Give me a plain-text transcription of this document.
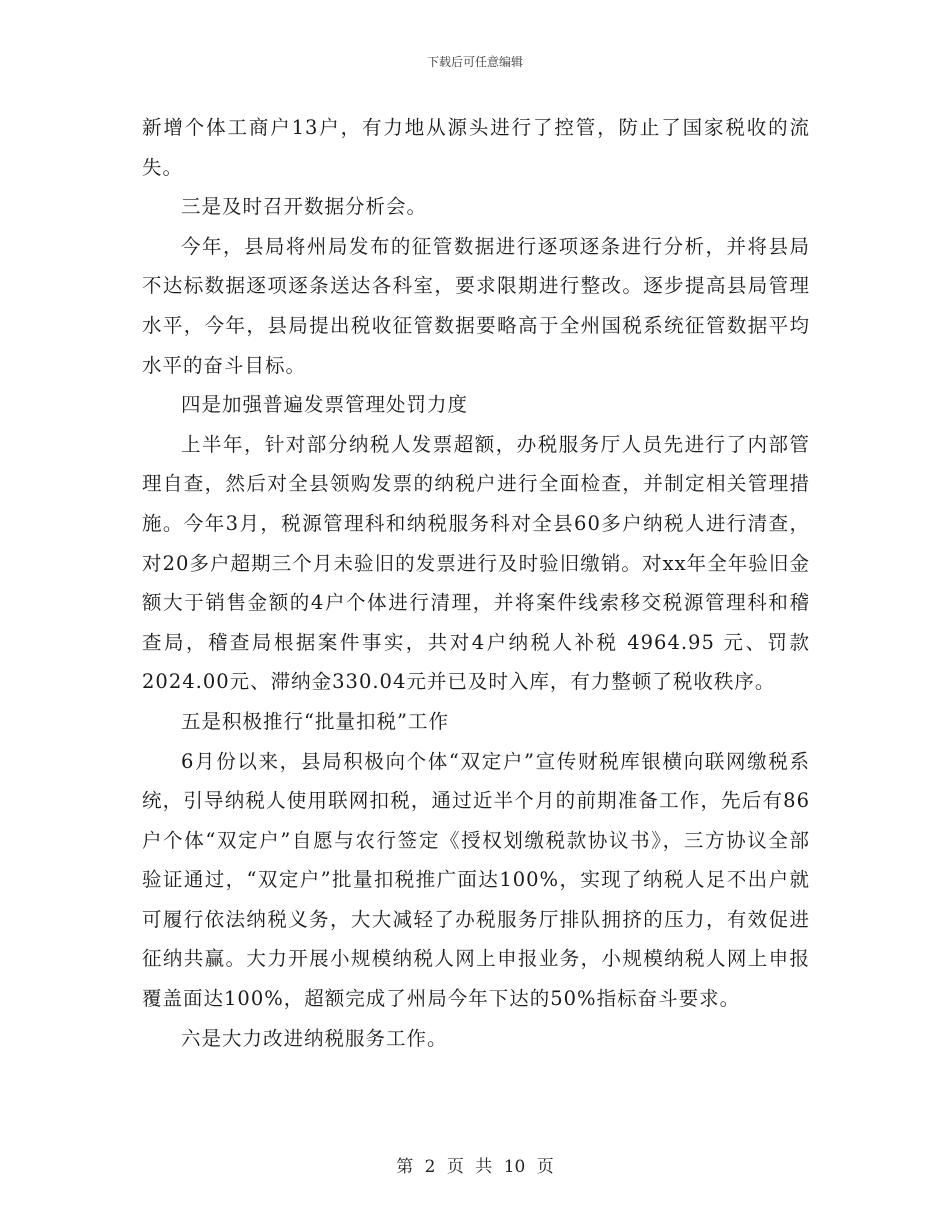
下载后可任意编辑

新增个体工商户13户，有力地从源头进行了控管，防止了国家税收的流失。

三是及时召开数据分析会。

今年，县局将州局发布的征管数据进行逐项逐条进行分析，并将县局不达标数据逐项逐条送达各科室，要求限期进行整改。逐步提高县局管理水平，今年，县局提出税收征管数据要略高于全州国税系统征管数据平均水平的奋斗目标。

四是加强普遍发票管理处罚力度

上半年，针对部分纳税人发票超额，办税服务厅人员先进行了内部管理自查，然后对全县领购发票的纳税户进行全面检查，并制定相关管理措施。今年3月，税源管理科和纳税服务科对全县60多户纳税人进行清查，对20多户超期三个月未验旧的发票进行及时验旧缴销。对xx年全年验旧金额大于销售金额的4户个体进行清理，并将案件线索移交税源管理科和稽查局，稽查局根据案件事实，共对4户纳税人补税 4964.95 元、罚款2024.00元、滞纳金330.04元并已及时入库，有力整顿了税收秩序。

五是积极推行“批量扣税”工作

6月份以来，县局积极向个体“双定户”宣传财税库银横向联网缴税系统，引导纳税人使用联网扣税，通过近半个月的前期准备工作，先后有86户个体“双定户”自愿与农行签定《授权划缴税款协议书》，三方协议全部验证通过，“双定户”批量扣税推广面达100%，实现了纳税人足不出户就可履行依法纳税义务，大大减轻了办税服务厅排队拥挤的压力，有效促进征纳共赢。大力开展小规模纳税人网上申报业务，小规模纳税人网上申报覆盖面达100%，超额完成了州局今年下达的50%指标奋斗要求。

六是大力改进纳税服务工作。

第 2 页 共 10 页
